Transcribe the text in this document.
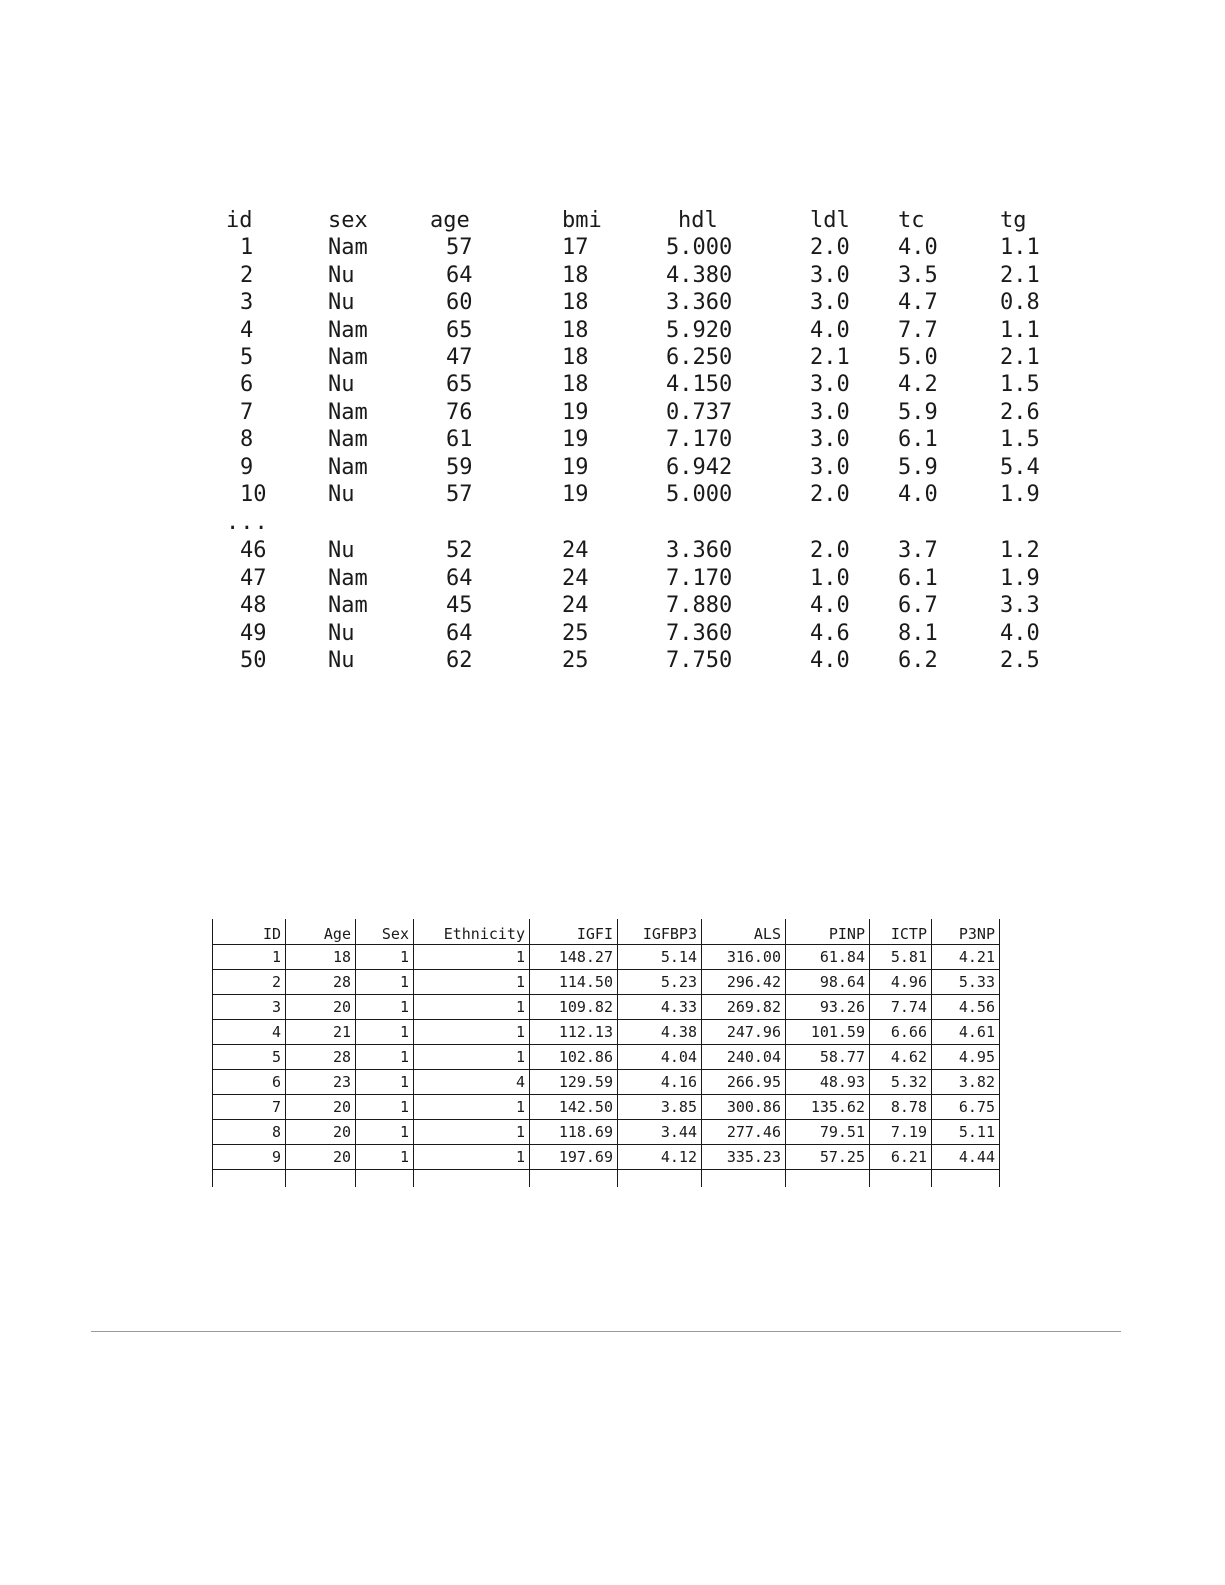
id	sex	age	bmi	hdl	ldl	tc	tg
1	Nam	57	17	5.000	2.0	4.0	1.1
2	Nu	64	18	4.380	3.0	3.5	2.1
3	Nu	60	18	3.360	3.0	4.7	0.8
4	Nam	65	18	5.920	4.0	7.7	1.1
5	Nam	47	18	6.250	2.1	5.0	2.1
6	Nu	65	18	4.150	3.0	4.2	1.5
7	Nam	76	19	0.737	3.0	5.9	2.6
8	Nam	61	19	7.170	3.0	6.1	1.5
9	Nam	59	19	6.942	3.0	5.9	5.4
10	Nu	57	19	5.000	2.0	4.0	1.9
...							
46	Nu	52	24	3.360	2.0	3.7	1.2
47	Nam	64	24	7.170	1.0	6.1	1.9
48	Nam	45	24	7.880	4.0	6.7	3.3
49	Nu	64	25	7.360	4.6	8.1	4.0
50	Nu	62	25	7.750	4.0	6.2	2.5
ID	Age	Sex	Ethnicity	IGFI	IGFBP3	ALS	PINP	ICTP	P3NP
1	18	1	1	148.27	5.14	316.00	61.84	5.81	4.21
2	28	1	1	114.50	5.23	296.42	98.64	4.96	5.33
3	20	1	1	109.82	4.33	269.82	93.26	7.74	4.56
4	21	1	1	112.13	4.38	247.96	101.59	6.66	4.61
5	28	1	1	102.86	4.04	240.04	58.77	4.62	4.95
6	23	1	4	129.59	4.16	266.95	48.93	5.32	3.82
7	20	1	1	142.50	3.85	300.86	135.62	8.78	6.75
8	20	1	1	118.69	3.44	277.46	79.51	7.19	5.11
9	20	1	1	197.69	4.12	335.23	57.25	6.21	4.44
